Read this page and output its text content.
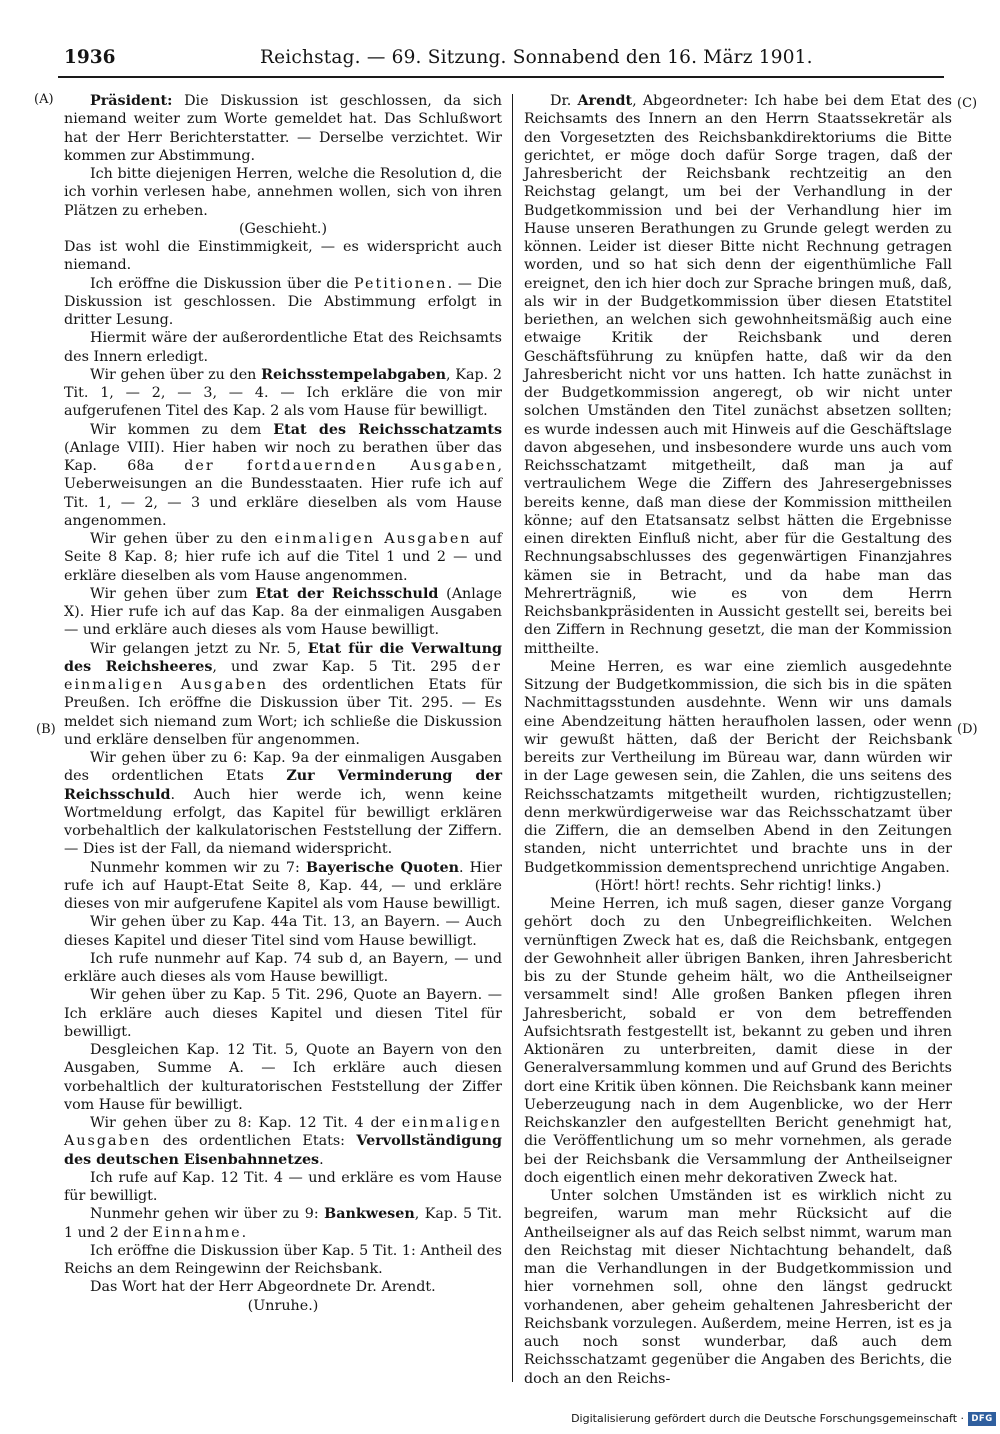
1936	Reichstag. — 69. Sitzung. Sonnabend den 16. März 1901.
(A)
(B)
(C)
(D)

Präsident: Die Diskussion ist geschlossen, da sich niemand weiter zum Worte gemeldet hat. Das Schlußwort hat der Herr Berichterstatter. — Derselbe verzichtet. Wir kommen zur Abstimmung.

Ich bitte diejenigen Herren, welche die Resolution d, die ich vorhin verlesen habe, annehmen wollen, sich von ihren Plätzen zu erheben.

(Geschieht.)

Das ist wohl die Einstimmigkeit, — es widerspricht auch niemand.

Ich eröffne die Diskussion über die Petitionen. — Die Diskussion ist geschlossen. Die Abstimmung erfolgt in dritter Lesung.

Hiermit wäre der außerordentliche Etat des Reichsamts des Innern erledigt.

Wir gehen über zu den Reichsstempelabgaben, Kap. 2 Tit. 1, — 2, — 3, — 4. — Ich erkläre die von mir aufgerufenen Titel des Kap. 2 als vom Hause für bewilligt.

Wir kommen zu dem Etat des Reichsschatzamts (Anlage VIII). Hier haben wir noch zu berathen über das Kap. 68a der fortdauernden Ausgaben, Ueberweisungen an die Bundesstaaten. Hier rufe ich auf Tit. 1, — 2, — 3 und erkläre dieselben als vom Hause angenommen.

Wir gehen über zu den einmaligen Ausgaben auf Seite 8 Kap. 8; hier rufe ich auf die Titel 1 und 2 — und erkläre dieselben als vom Hause angenommen.

Wir gehen über zum Etat der Reichsschuld (Anlage X). Hier rufe ich auf das Kap. 8a der einmaligen Ausgaben — und erkläre auch dieses als vom Hause bewilligt.

Wir gelangen jetzt zu Nr. 5, Etat für die Verwaltung des Reichsheeres, und zwar Kap. 5 Tit. 295 der einmaligen Ausgaben des ordentlichen Etats für Preußen. Ich eröffne die Diskussion über Tit. 295. — Es meldet sich niemand zum Wort; ich schließe die Diskussion und erkläre denselben für angenommen.

Wir gehen über zu 6: Kap. 9a der einmaligen Ausgaben des ordentlichen Etats Zur Verminderung der Reichsschuld. Auch hier werde ich, wenn keine Wortmeldung erfolgt, das Kapitel für bewilligt erklären vorbehaltlich der kalkulatorischen Feststellung der Ziffern. — Dies ist der Fall, da niemand widerspricht.

Nunmehr kommen wir zu 7: Bayerische Quoten. Hier rufe ich auf Haupt-Etat Seite 8, Kap. 44, — und erkläre dieses von mir aufgerufene Kapitel als vom Hause bewilligt.

Wir gehen über zu Kap. 44a Tit. 13, an Bayern. — Auch dieses Kapitel und dieser Titel sind vom Hause bewilligt.

Ich rufe nunmehr auf Kap. 74 sub d, an Bayern, — und erkläre auch dieses als vom Hause bewilligt.

Wir gehen über zu Kap. 5 Tit. 296, Quote an Bayern. — Ich erkläre auch dieses Kapitel und diesen Titel für bewilligt.

Desgleichen Kap. 12 Tit. 5, Quote an Bayern von den Ausgaben, Summe A. — Ich erkläre auch diesen vorbehaltlich der kulturatorischen Feststellung der Ziffer vom Hause für bewilligt.

Wir gehen über zu 8: Kap. 12 Tit. 4 der einmaligen Ausgaben des ordentlichen Etats: Vervollständigung des deutschen Eisenbahnnetzes.

Ich rufe auf Kap. 12 Tit. 4 — und erkläre es vom Hause für bewilligt.

Nunmehr gehen wir über zu 9: Bankwesen, Kap. 5 Tit. 1 und 2 der Einnahme.

Ich eröffne die Diskussion über Kap. 5 Tit. 1: Antheil des Reichs an dem Reingewinn der Reichsbank.

Das Wort hat der Herr Abgeordnete Dr. Arendt.

(Unruhe.)

Dr. Arendt, Abgeordneter: Ich habe bei dem Etat des Reichsamts des Innern an den Herrn Staatssekretär als den Vorgesetzten des Reichsbankdirektoriums die Bitte gerichtet, er möge doch dafür Sorge tragen, daß der Jahresbericht der Reichsbank rechtzeitig an den Reichstag gelangt, um bei der Verhandlung in der Budgetkommission und bei der Verhandlung hier im Hause unseren Berathungen zu Grunde gelegt werden zu können. Leider ist dieser Bitte nicht Rechnung getragen worden, und so hat sich denn der eigenthümliche Fall ereignet, den ich hier doch zur Sprache bringen muß, daß, als wir in der Budgetkommission über diesen Etatstitel beriethen, an welchen sich gewohnheitsmäßig auch eine etwaige Kritik der Reichsbank und deren Geschäftsführung zu knüpfen hatte, daß wir da den Jahresbericht nicht vor uns hatten. Ich hatte zunächst in der Budgetkommission angeregt, ob wir nicht unter solchen Umständen den Titel zunächst absetzen sollten; es wurde indessen auch mit Hinweis auf die Geschäftslage davon abgesehen, und insbesondere wurde uns auch vom Reichsschatzamt mitgetheilt, daß man ja auf vertraulichem Wege die Ziffern des Jahresergebnisses bereits kenne, daß man diese der Kommission mittheilen könne; auf den Etatsansatz selbst hätten die Ergebnisse einen direkten Einfluß nicht, aber für die Gestaltung des Rechnungsabschlusses des gegenwärtigen Finanzjahres kämen sie in Betracht, und da habe man das Mehrerträgniß, wie es von dem Herrn Reichsbankpräsidenten in Aussicht gestellt sei, bereits bei den Ziffern in Rechnung gesetzt, die man der Kommission mittheilte.

Meine Herren, es war eine ziemlich ausgedehnte Sitzung der Budgetkommission, die sich bis in die späten Nachmittagsstunden ausdehnte. Wenn wir uns damals eine Abendzeitung hätten heraufholen lassen, oder wenn wir gewußt hätten, daß der Bericht der Reichsbank bereits zur Vertheilung im Büreau war, dann würden wir in der Lage gewesen sein, die Zahlen, die uns seitens des Reichsschatzamts mitgetheilt wurden, richtigzustellen; denn merkwürdigerweise war das Reichsschatzamt über die Ziffern, die an demselben Abend in den Zeitungen standen, nicht unterrichtet und brachte uns in der Budgetkommission dementsprechend unrichtige Angaben.

(Hört! hört! rechts. Sehr richtig! links.)

Meine Herren, ich muß sagen, dieser ganze Vorgang gehört doch zu den Unbegreiflichkeiten. Welchen vernünftigen Zweck hat es, daß die Reichsbank, entgegen der Gewohnheit aller übrigen Banken, ihren Jahresbericht bis zu der Stunde geheim hält, wo die Antheilseigner versammelt sind! Alle großen Banken pflegen ihren Jahresbericht, sobald er von dem betreffenden Aufsichtsrath festgestellt ist, bekannt zu geben und ihren Aktionären zu unterbreiten, damit diese in der Generalversammlung kommen und auf Grund des Berichts dort eine Kritik üben können. Die Reichsbank kann meiner Ueberzeugung nach in dem Augenblicke, wo der Herr Reichskanzler den aufgestellten Bericht genehmigt hat, die Veröffentlichung um so mehr vornehmen, als gerade bei der Reichsbank die Versammlung der Antheilseigner doch eigentlich einen mehr dekorativen Zweck hat.

Unter solchen Umständen ist es wirklich nicht zu begreifen, warum man mehr Rücksicht auf die Antheilseigner als auf das Reich selbst nimmt, warum man den Reichstag mit dieser Nichtachtung behandelt, daß man die Verhandlungen in der Budgetkommission und hier vornehmen soll, ohne den längst gedruckt vorhandenen, aber geheim gehaltenen Jahresbericht der Reichsbank vorzulegen. Außerdem, meine Herren, ist es ja auch noch sonst wunderbar, daß auch dem Reichsschatzamt gegenüber die Angaben des Berichts, die doch an den Reichs-

Digitalisierung gefördert durch die Deutsche Forschungsgemeinschaft · DFG
